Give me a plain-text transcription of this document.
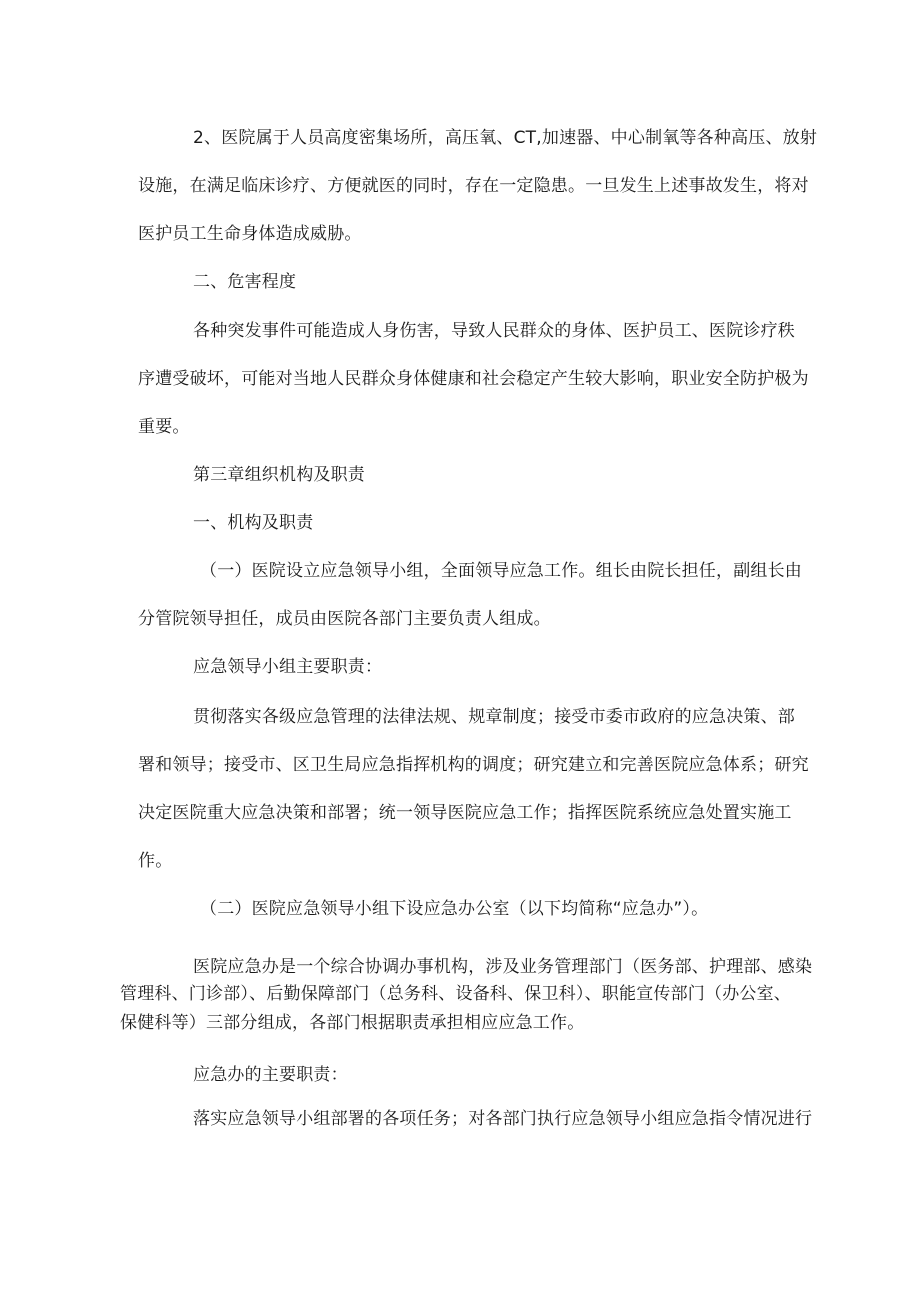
2、医院属于人员高度密集场所，高压氧、CT,加速器、中心制氧等各种高压、放射
设施，在满足临床诊疗、方便就医的同时，存在一定隐患。一旦发生上述事故发生，将对
医护员工生命身体造成威胁。
二、危害程度
各种突发事件可能造成人身伤害，导致人民群众的身体、医护员工、医院诊疗秩
序遭受破坏，可能对当地人民群众身体健康和社会稳定产生较大影响，职业安全防护极为
重要。
第三章组织机构及职责
一、机构及职责
（一）医院设立应急领导小组，全面领导应急工作。组长由院长担任，副组长由
分管院领导担任，成员由医院各部门主要负责人组成。
应急领导小组主要职责：
贯彻落实各级应急管理的法律法规、规章制度；接受市委市政府的应急决策、部
署和领导；接受市、区卫生局应急指挥机构的调度；研究建立和完善医院应急体系；研究
决定医院重大应急决策和部署；统一领导医院应急工作；指挥医院系统应急处置实施工
作。
（二）医院应急领导小组下设应急办公室（以下均简称“应急办”）。
医院应急办是一个综合协调办事机构，涉及业务管理部门（医务部、护理部、感染
管理科、门诊部）、后勤保障部门（总务科、设备科、保卫科）、职能宣传部门（办公室、
保健科等）三部分组成，各部门根据职责承担相应应急工作。
应急办的主要职责：
落实应急领导小组部署的各项任务；对各部门执行应急领导小组应急指令情况进行
